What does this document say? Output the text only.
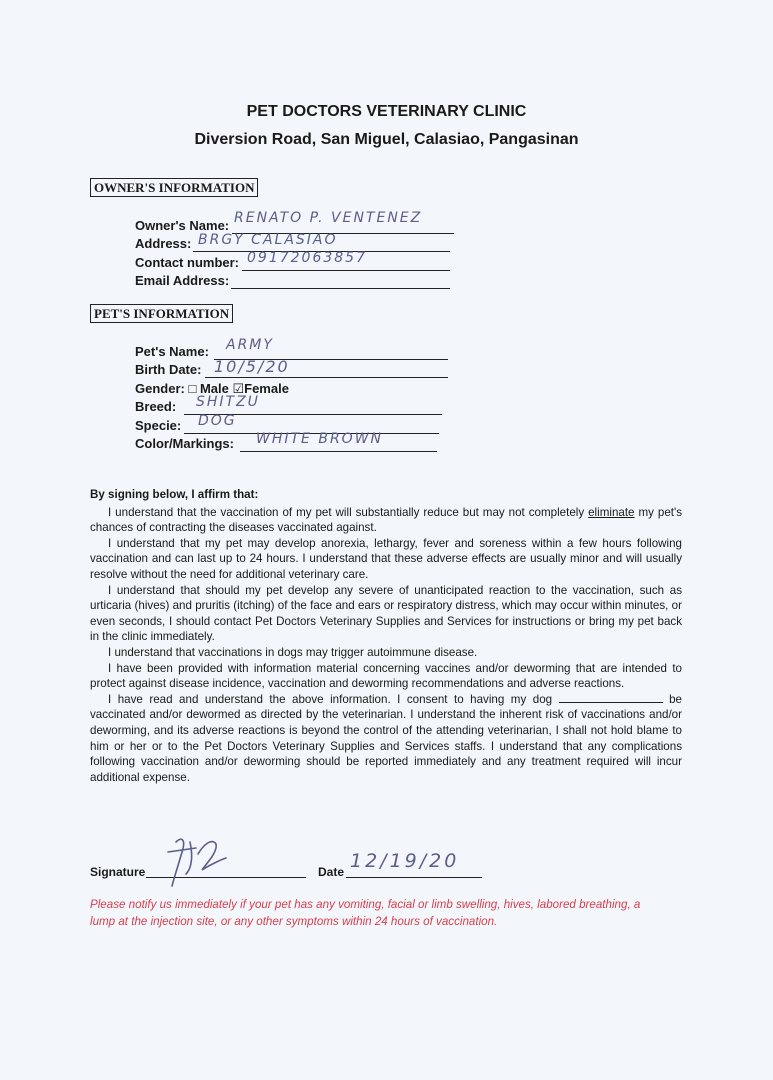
PET DOCTORS VETERINARY CLINIC
Diversion Road, San Miguel, Calasiao, Pangasinan
OWNER'S INFORMATION
Owner's Name: RENATO P. VENTENEZ
Address: BRGY CALASIAO
Contact number: 09172063857
Email Address:
PET'S INFORMATION
Pet's Name: ARMY
Birth Date: 10/5/20
Gender: □ Male ☑Female
Breed: SHITZU
Specie: DOG
Color/Markings: WHITE BROWN

By signing below, I affirm that:

I understand that the vaccination of my pet will substantially reduce but may not completely eliminate my pet's chances of contracting the diseases vaccinated against.

I understand that my pet may develop anorexia, lethargy, fever and soreness within a few hours following vaccination and can last up to 24 hours. I understand that these adverse effects are usually minor and will usually resolve without the need for additional veterinary care.

I understand that should my pet develop any severe of unanticipated reaction to the vaccination, such as urticaria (hives) and pruritis (itching) of the face and ears or respiratory distress, which may occur within minutes, or even seconds, I should contact Pet Doctors Veterinary Supplies and Services for instructions or bring my pet back in the clinic immediately.

I understand that vaccinations in dogs may trigger autoimmune disease.

I have been provided with information material concerning vaccines and/or deworming that are intended to protect against disease incidence, vaccination and deworming recommendations and adverse reactions.

I have read and understand the above information. I consent to having my dog	be vaccinated and/or dewormed as directed by the veterinarian. I understand the inherent risk of vaccinations and/or deworming, and its adverse reactions is beyond the control of the attending veterinarian, I shall not hold blame to him or her or to the Pet Doctors Veterinary Supplies and Services staffs. I understand that any complications following vaccination and/or deworming should be reported immediately and any treatment required will incur additional expense.

Signature	Date 12/19/20
Please notify us immediately if your pet has any vomiting, facial or limb swelling, hives, labored breathing, a lump at the injection site, or any other symptoms within 24 hours of vaccination.
